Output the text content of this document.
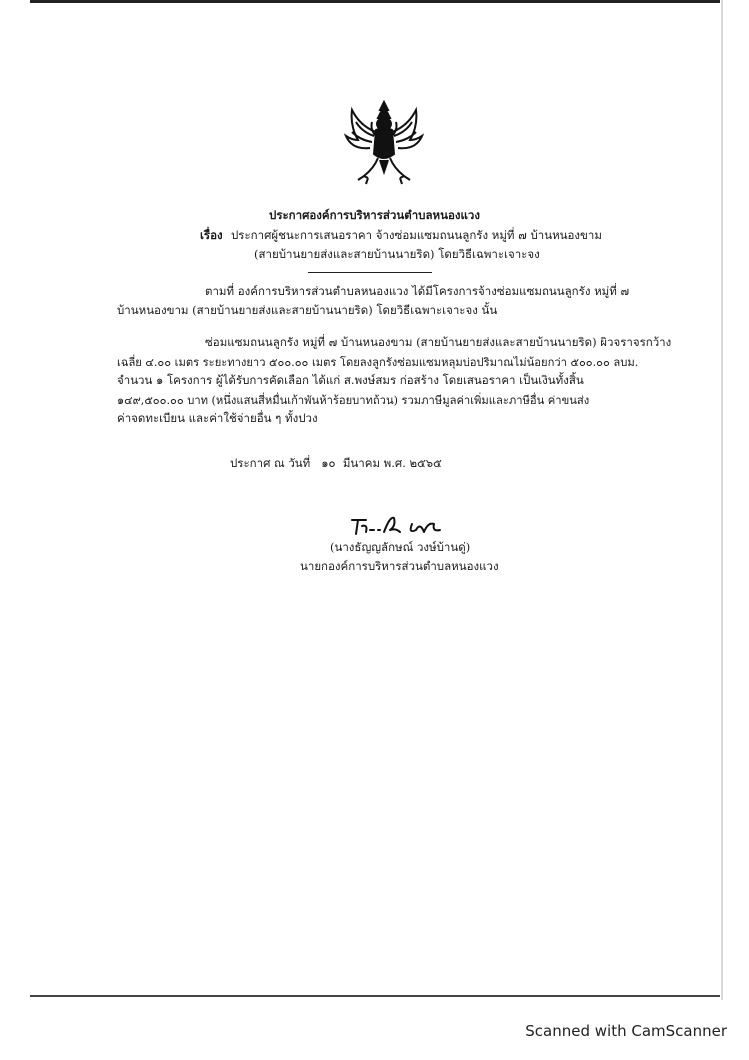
ประกาศองค์การบริหารส่วนตำบลหนองแวง
เรื่อง ประกาศผู้ชนะการเสนอราคา จ้างซ่อมแซมถนนลูกรัง หมู่ที่ ๗ บ้านหนองขาม
(สายบ้านยายส่งและสายบ้านนายริด) โดยวิธีเฉพาะเจาะจง
ตามที่ องค์การบริหารส่วนตำบลหนองแวง ได้มีโครงการจ้างซ่อมแซมถนนลูกรัง หมู่ที่ ๗
บ้านหนองขาม (สายบ้านยายส่งและสายบ้านนายริด) โดยวิธีเฉพาะเจาะจง นั้น
ซ่อมแซมถนนลูกรัง หมู่ที่ ๗ บ้านหนองขาม (สายบ้านยายส่งและสายบ้านนายริด) ผิวจราจรกว้าง
เฉลี่ย ๔.๐๐ เมตร ระยะทางยาว ๕๐๐.๐๐ เมตร โดยลงลูกรังซ่อมแซมหลุมบ่อปริมาณไม่น้อยกว่า ๕๐๐.๐๐ ลบม.
จำนวน ๑ โครงการ ผู้ได้รับการคัดเลือก ได้แก่ ส.พงษ์สมร ก่อสร้าง โดยเสนอราคา เป็นเงินทั้งสิ้น
๑๔๙,๕๐๐.๐๐ บาท (หนึ่งแสนสี่หมื่นเก้าพันห้าร้อยบาทถ้วน) รวมภาษีมูลค่าเพิ่มและภาษีอื่น ค่าขนส่ง
ค่าจดทะเบียน และค่าใช้จ่ายอื่น ๆ ทั้งปวง
ประกาศ ณ วันที่   ๑๐  มีนาคม พ.ศ. ๒๕๖๕
(นางธัญญลักษณ์ วงษ์บ้านดู่)
นายกองค์การบริหารส่วนตำบลหนองแวง
Scanned with CamScanner
